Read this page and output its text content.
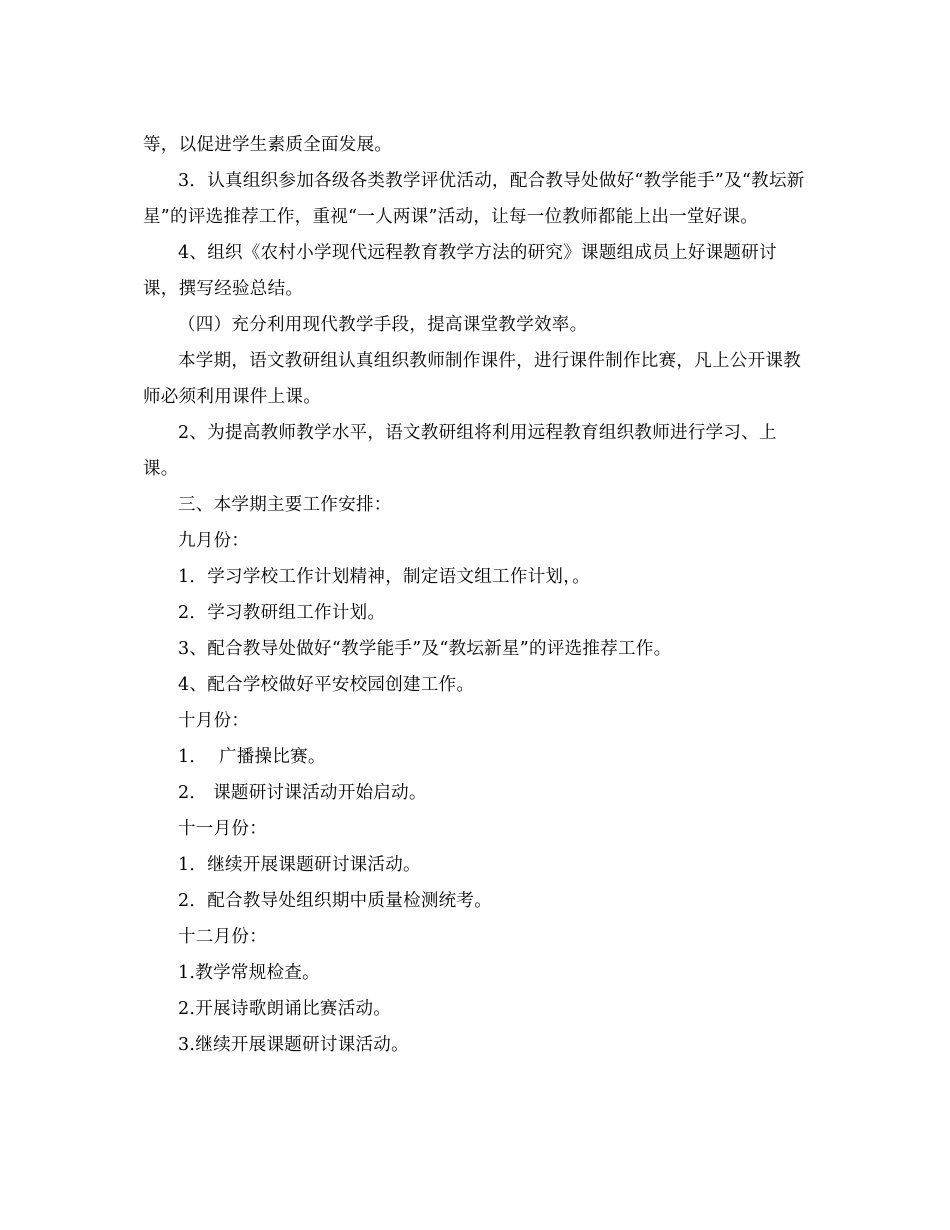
等，以促进学生素质全面发展。

3．认真组织参加各级各类教学评优活动，配合教导处做好“教学能手”及“教坛新星”的评选推荐工作，重视“一人两课”活动，让每一位教师都能上出一堂好课。

4、组织《农村小学现代远程教育教学方法的研究》课题组成员上好课题研讨课，撰写经验总结。

（四）充分利用现代教学手段，提高课堂教学效率。

本学期，语文教研组认真组织教师制作课件，进行课件制作比赛，凡上公开课教师必须利用课件上课。

2、为提高教师教学水平，语文教研组将利用远程教育组织教师进行学习、上课。

三、本学期主要工作安排：

九月份：

1．学习学校工作计划精神，制定语文组工作计划，。

2．学习教研组工作计划。

3、配合教导处做好“教学能手”及“教坛新星”的评选推荐工作。

4、配合学校做好平安校园创建工作。

十月份：

1．  广播操比赛。

2． 课题研讨课活动开始启动。

十一月份：

1．继续开展课题研讨课活动。

2．配合教导处组织期中质量检测统考。

十二月份：

1.教学常规检查。

2.开展诗歌朗诵比赛活动。

3.继续开展课题研讨课活动。
